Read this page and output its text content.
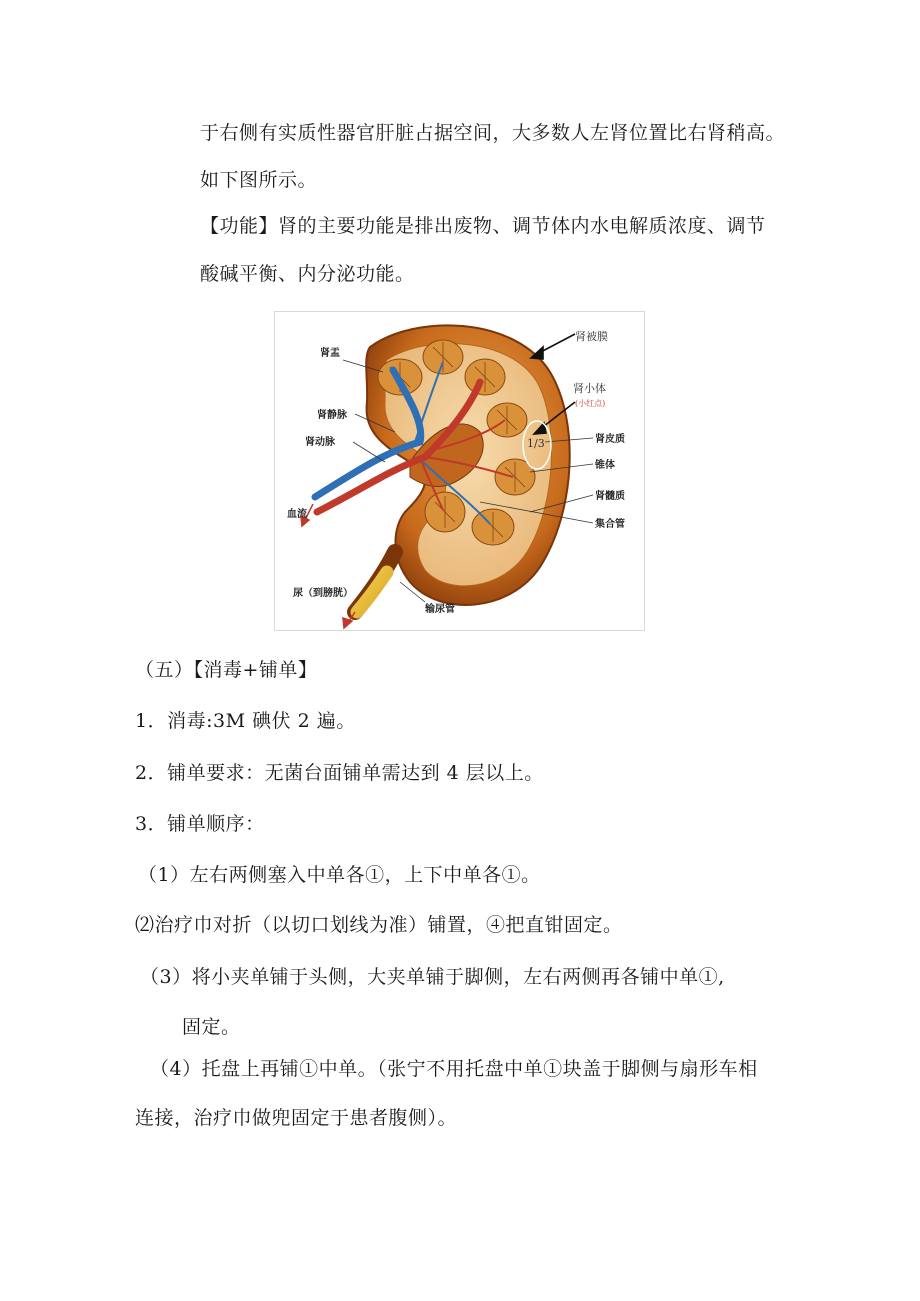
于右侧有实质性器官肝脏占据空间，大多数人左肾位置比右肾稍高。
如下图所示。
【功能】肾的主要功能是排出废物、调节体内水电解质浓度、调节
酸碱平衡、内分泌功能。
肾被膜
肾盂
肾小体
(小红点)
肾静脉
1/3	肾皮质
肾动脉
锥体
肾髓质
血流
集合管
尿（到膀胱）
输尿管
（五）【消毒+铺单】
1．消毒:3M 碘伏 2 遍。
2．铺单要求：无菌台面铺单需达到 4 层以上。
3．铺单顺序：
（1）左右两侧塞入中单各①，上下中单各①。
⑵治疗巾对折（以切口划线为准）铺置，④把直钳固定。
（3）将小夹单铺于头侧，大夹单铺于脚侧，左右两侧再各铺中单①,
固定。
（4）托盘上再铺①中单。（张宁不用托盘中单①块盖于脚侧与扇形车相
连接，治疗巾做兜固定于患者腹侧）。
